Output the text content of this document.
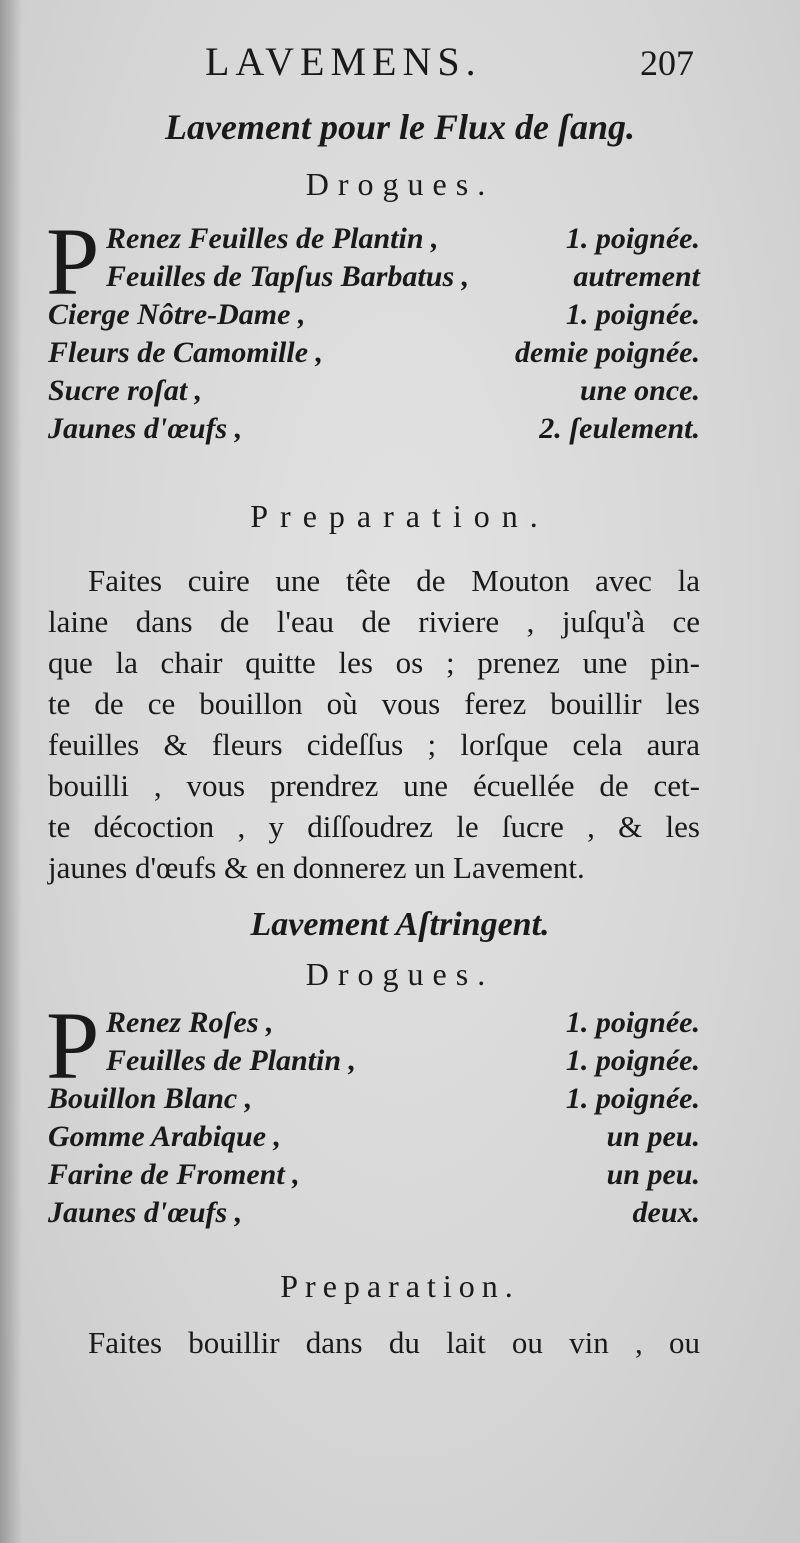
LAVEMENS.	207
Lavement pour le Flux de ſang.
Drogues.
P Renez Feuilles de Plantin ,	1. poignée.
Feuilles de Tapſus Barbatus ,	autrement
Cierge Nôtre-Dame ,	1. poignée.
Fleurs de Camomille ,	demie poignée.
Sucre roſat ,	une once.
Jaunes d'œufs ,	2. ſeulement.
Preparation.
Faites cuire une tête de Mouton avec la
laine dans de l'eau de riviere , juſqu'à ce
que la chair quitte les os ; prenez une pin-
te de ce bouillon où vous ferez bouillir les
feuilles & fleurs cideſſus ; lorſque cela aura
bouilli , vous prendrez une écuellée de cet-
te décoction , y diſſoudrez le ſucre , & les
jaunes d'œufs & en donnerez un Lavement.
Lavement Aſtringent.
Drogues.
P Renez Roſes ,	1. poignée.
Feuilles de Plantin ,	1. poignée.
Bouillon Blanc ,	1. poignée.
Gomme Arabique ,	un peu.
Farine de Froment ,	un peu.
Jaunes d'œufs ,	deux.
Preparation.
Faites bouillir dans du lait ou vin , ou
